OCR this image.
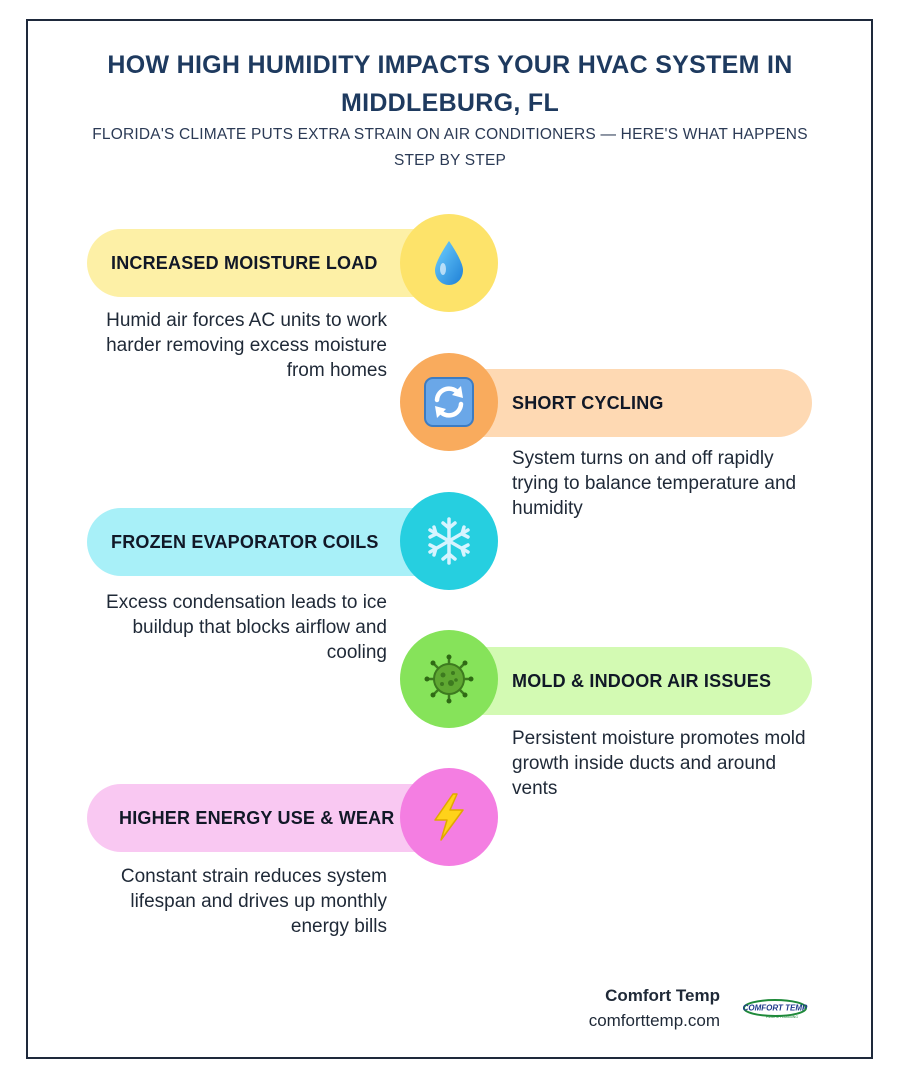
HOW HIGH HUMIDITY IMPACTS YOUR HVAC SYSTEM IN MIDDLEBURG, FL
FLORIDA'S CLIMATE PUTS EXTRA STRAIN ON AIR CONDITIONERS — HERE'S WHAT HAPPENS STEP BY STEP
INCREASED MOISTURE LOAD
Humid air forces AC units to work harder removing excess moisture from homes
SHORT CYCLING
System turns on and off rapidly trying to balance temperature and humidity
FROZEN EVAPORATOR COILS
Excess condensation leads to ice buildup that blocks airflow and cooling
MOLD & INDOOR AIR ISSUES
Persistent moisture promotes mold growth inside ducts and around vents
HIGHER ENERGY USE & WEAR
Constant strain reduces system lifespan and drives up monthly energy bills
Comfort Temp
comforttemp.com
COMFORT TEMP
HVAC & PLUMBING
